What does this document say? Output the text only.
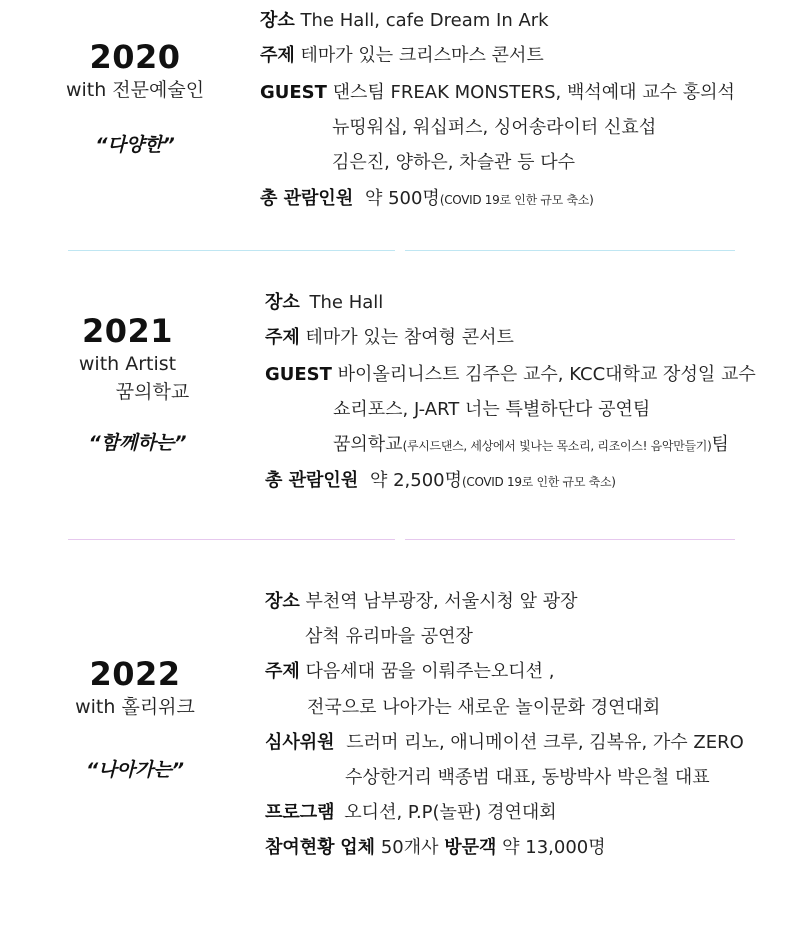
2020
with 전문예술인
“다양한”
장소 The Hall, cafe Dream In Ark
주제 테마가 있는 크리스마스 콘서트
GUEST 댄스팀 FREAK MONSTERS, 백석예대 교수 홍의석
뉴띵워십, 워십퍼스, 싱어송라이터 신효섭
김은진, 양하은, 차슬관 등 다수
총 관람인원 약 500명(COVID 19로 인한 규모 축소)
2021
with Artist
꿈의학교
“함께하는”
장소 The Hall
주제 테마가 있는 참여형 콘서트
GUEST 바이올리니스트 김주은 교수, KCC대학교 장성일 교수
쇼리포스, J-ART 너는 특별하단다 공연팀
꿈의학교(루시드댄스, 세상에서 빛나는 목소리, 리조이스! 음악만들기)팀
총 관람인원 약 2,500명(COVID 19로 인한 규모 축소)
2022
with 홀리위크
“나아가는”
장소 부천역 남부광장, 서울시청 앞 광장
삼척 유리마을 공연장
주제 다음세대 꿈을 이뤄주는오디션 ,
전국으로 나아가는 새로운 놀이문화 경연대회
심사위원 드러머 리노, 애니메이션 크루, 김복유, 가수 ZERO
수상한거리 백종범 대표, 동방박사 박은철 대표
프로그램 오디션, P.P(놀판) 경연대회
참여현황 업체 50개사 방문객 약 13,000명
